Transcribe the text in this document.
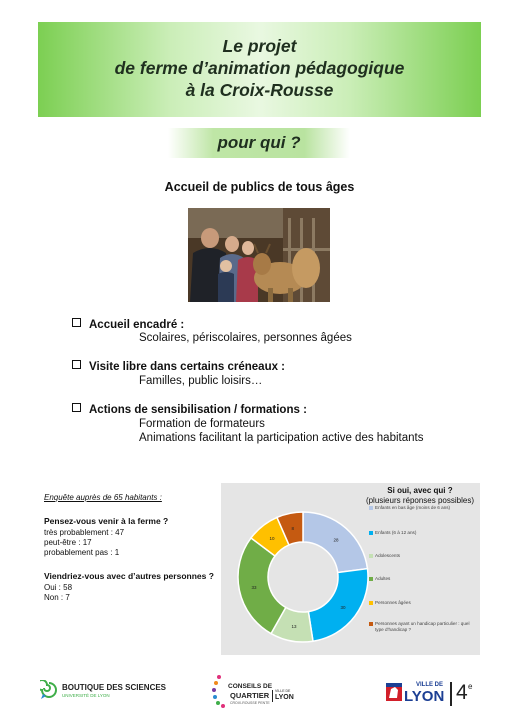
Le projet
de ferme d’animation pédagogique
à la Croix-Rousse
pour qui ?
Accueil de publics de tous âges
Accueil encadré :
Scolaires, périscolaires, personnes âgées
Visite libre dans certains créneaux :
Familles, public loisirs…
Actions de sensibilisation / formations :
Formation de formateurs
Animations facilitant la participation active des habitants
Enquête auprès de 65 habitants :
Pensez-vous venir à la ferme ?
très probablement : 47
peut-être : 17
probablement pas : 1
Viendriez-vous avec d’autres personnes ?
Oui : 58
Non : 7
28
30
13
33
10
8
Si oui, avec qui ?
(plusieurs réponses possibles)
Enfants en bas âge (moins de 6 ans)
Enfants (6 à 12 ans)
Adolescents
Adultes
Personnes âgées
Personnes ayant un handicap particulier : quel type d’handicap ?
BOUTIQUE DES SCIENCES
UNIVERSITÉ DE LYON
CONSEILS DE
QUARTIER
CROIX-ROUSSE PENTE
VILLE DE
LYON
VILLE DE
LYON 4 e
